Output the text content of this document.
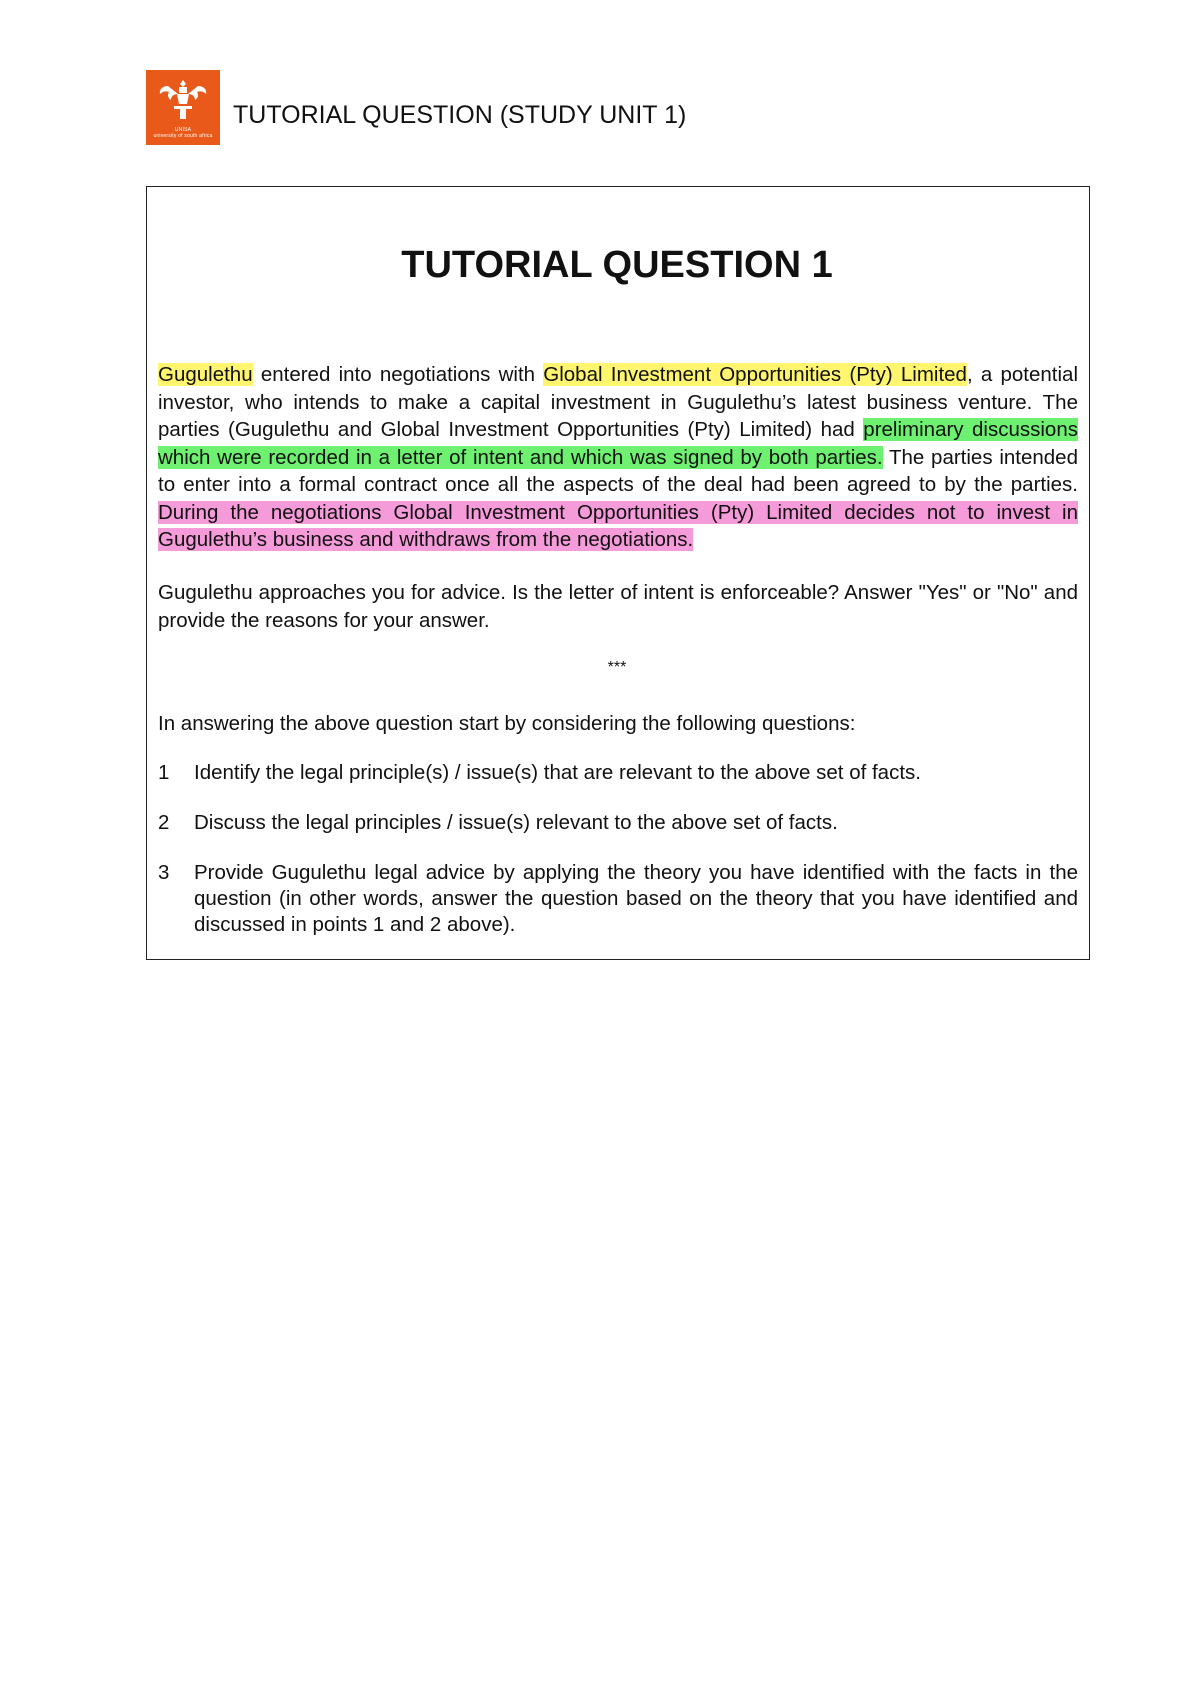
UNISA
university of south africa
TUTORIAL QUESTION (STUDY UNIT 1)
TUTORIAL QUESTION 1
Gugulethu entered into negotiations with Global Investment Opportunities (Pty) Limited, a potential investor, who intends to make a capital investment in Gugulethu’s latest business venture. The parties (Gugulethu and Global Investment Opportunities (Pty) Limited) had preliminary discussions which were recorded in a letter of intent and which was signed by both parties. The parties intended to enter into a formal contract once all the aspects of the deal had been agreed to by the parties. During the negotiations Global Investment Opportunities (Pty) Limited decides not to invest in Gugulethu’s business and withdraws from the negotiations.
Gugulethu approaches you for advice. Is the letter of intent is enforceable? Answer "Yes" or "No" and provide the reasons for your answer.
***
In answering the above question start by considering the following questions:
1	Identify the legal principle(s) / issue(s) that are relevant to the above set of facts.
2	Discuss the legal principles / issue(s) relevant to the above set of facts.
3	Provide Gugulethu legal advice by applying the theory you have identified with the facts in the question (in other words, answer the question based on the theory that you have identified and discussed in points 1 and 2 above).
